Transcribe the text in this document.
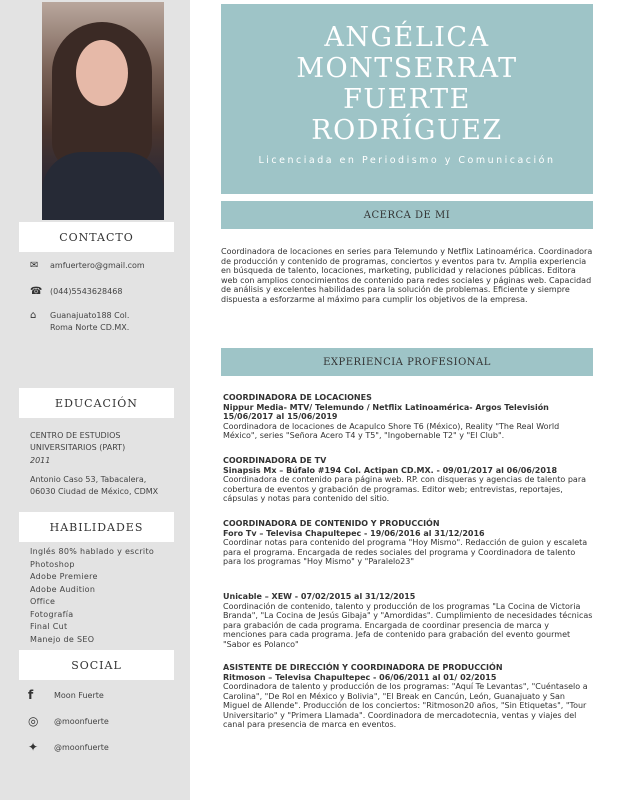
CONTACTO
✉	amfuertero@gmail.com
☎ (044)5543628468
⌂	Guanajuato188 Col. Roma Norte CD.MX.
EDUCACIÓN
CENTRO DE ESTUDIOS UNIVERSITARIOS (PART)
2011
Antonio Caso 53, Tabacalera, 06030 Ciudad de México, CDMX
HABILIDADES
Inglés 80% hablado y escrito
Photoshop
Adobe Premiere
Adobe Audition
Office
Fotografía
Final Cut
Manejo de SEO
SOCIAL
f	Moon Fuerte
◎	@moonfuerte
✦	@moonfuerte
ANGÉLICA
MONTSERRAT
FUERTE
RODRÍGUEZ
Licenciada en Periodismo y Comunicación
ACERCA DE MI
Coordinadora de locaciones en series para Telemundo y Netflix Latinoamérica. Coordinadora de producción y contenido de programas, conciertos y eventos para tv. Amplia experiencia en búsqueda de talento, locaciones, marketing, publicidad y relaciones públicas. Editora web con amplios conocimientos de contenido para redes sociales y páginas web. Capacidad de análisis y excelentes habilidades para la solución de problemas. Eficiente y siempre dispuesta a esforzarme al máximo para cumplir los objetivos de la empresa.
EXPERIENCIA PROFESIONAL
COORDINADORA DE LOCACIONES
Nippur Media- MTV/ Telemundo / Netflix Latinoamérica- Argos Televisión 15/06/2017 al 15/06/2019
Coordinadora de locaciones de Acapulco Shore T6 (México), Reality "The Real World México", series "Señora Acero T4 y T5", "Ingobernable T2" y "El Club".
COORDINADORA DE TV
Sinapsis Mx – Búfalo #194 Col. Actipan CD.MX. - 09/01/2017 al 06/06/2018
Coordinadora de contenido para página web. RP. con disqueras y agencias de talento para cobertura de eventos y grabación de programas. Editor web; entrevistas, reportajes, cápsulas y notas para contenido del sitio.
COORDINADORA DE CONTENIDO Y PRODUCCIÓN
Foro Tv – Televisa Chapultepec - 19/06/2016 al 31/12/2016
Coordinar notas para contenido del programa "Hoy Mismo". Redacción de guion y escaleta para el programa. Encargada de redes sociales del programa y Coordinadora de talento para los programas "Hoy Mismo" y "Paralelo23"
Unicable – XEW - 07/02/2015 al 31/12/2015
Coordinación de contenido, talento y producción de los programas "La Cocina de Victoria Branda", "La Cocina de Jesús Gibaja" y "Amordidas". Cumplimiento de necesidades técnicas para grabación de cada programa. Encargada de coordinar presencia de marca y menciones para cada programa. Jefa de contenido para grabación del evento gourmet "Sabor es Polanco"
ASISTENTE DE DIRECCIÓN Y COORDINADORA DE PRODUCCIÓN
Ritmoson – Televisa Chapultepec - 06/06/2011 al 01/ 02/2015
Coordinadora de talento y producción de los programas: "Aquí Te Levantas", "Cuéntaselo a Carolina", "De Rol en México y Bolivia", "El Break en Cancún, León, Guanajuato y San Miguel de Allende". Producción de los conciertos: "Ritmoson20 años, "Sin Etiquetas", "Tour Universitario" y "Primera Llamada". Coordinadora de mercadotecnia, ventas y viajes del canal para presencia de marca en eventos.
